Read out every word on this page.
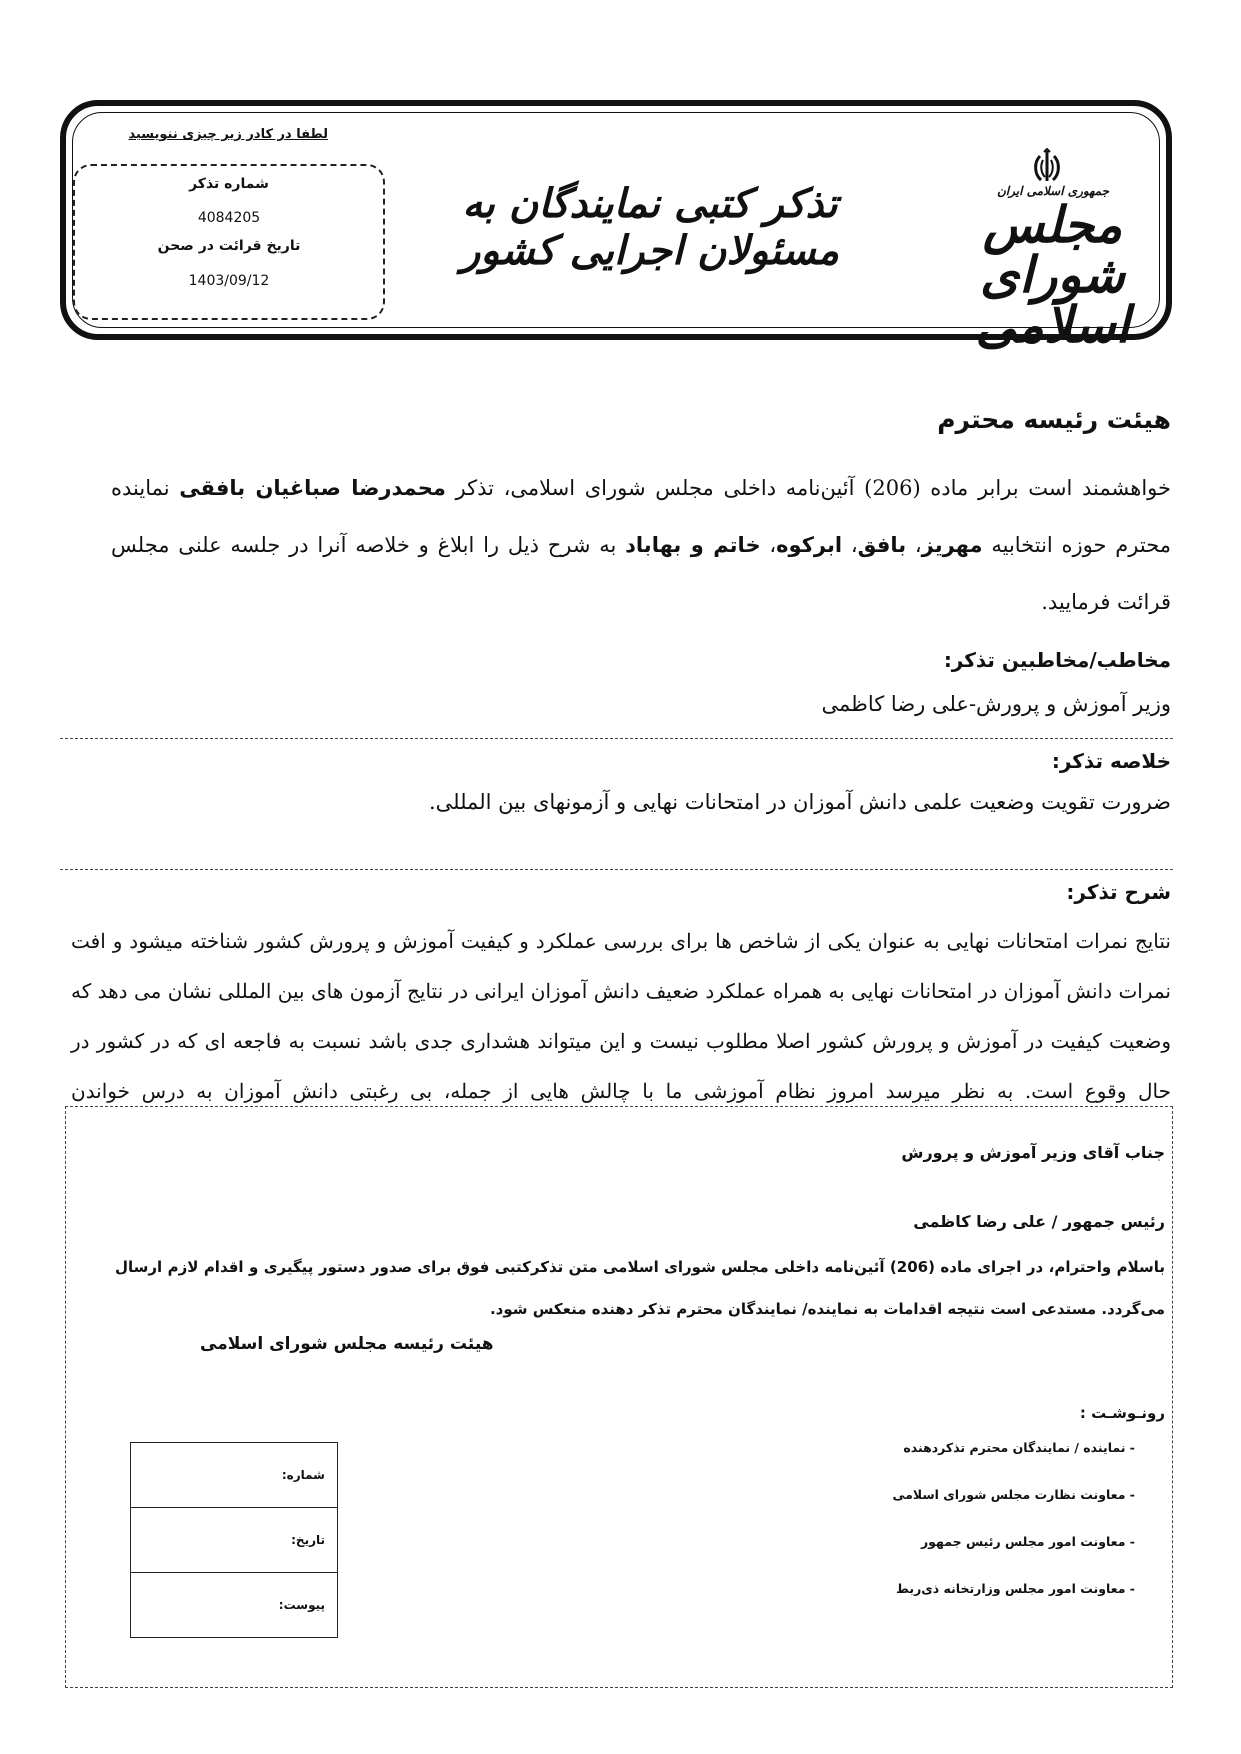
لطفا در کادر زیر چیزی ننویسید
شماره تذکر
4084205
تاریخ قرائت در صحن
1403/09/12
تذکر کتبی نمایندگان به مسئولان اجرایی کشور
جمهوری اسلامی ایران
مجلس شورای اسلامی
هیئت رئیسه محترم
خواهشمند است برابر ماده (206) آئین‌نامه داخلی مجلس شورای اسلامی، تذکر محمدرضا صباغیان بافقی نماینده محترم حوزه انتخابیه مهریز، بافق، ابرکوه، خاتم و بهاباد به شرح ذیل را ابلاغ و خلاصه آنرا در جلسه علنی مجلس قرائت فرمایید.
مخاطب/مخاطبین تذکر:
وزیر آموزش و پرورش-علی رضا کاظمی
خلاصه تذکر:
ضرورت تقویت وضعیت علمی دانش آموزان در امتحانات نهایی و آزمونهای بین المللی.
شرح تذکر:
نتایج نمرات امتحانات نهایی به عنوان یکی از شاخص ها برای بررسی عملکرد و کیفیت آموزش و پرورش کشور شناخته میشود و افت نمرات دانش آموزان در امتحانات نهایی به همراه عملکرد ضعیف دانش آموزان ایرانی در نتایج آزمون های بین المللی نشان می دهد که وضعیت کیفیت در آموزش و پرورش کشور اصلا مطلوب نیست و این میتواند هشداری جدی باشد نسبت به فاجعه ای که در کشور در حال وقوع است. به نظر میرسد امروز نظام آموزشی ما با چالش هایی از جمله، بی رغبتی دانش آموزان به درس خواندن
جناب آقای وزیر آموزش و پرورش
رئیس جمهور / علی رضا کاظمی
باسلام واحترام، در اجرای ماده (206) آئین‌نامه داخلی مجلس شورای اسلامی متن تذکرکتبی فوق برای صدور دستور پیگیری و اقدام لازم ارسال می‌گردد. مستدعی است نتیجه اقدامات به نماینده/ نمایندگان محترم تذکر دهنده منعکس شود.
هیئت رئیسه مجلس شورای اسلامی
رونـوشـت :
- نماینده / نمایندگان محترم تذکردهنده
- معاونت نظارت مجلس شورای اسلامی
- معاونت امور مجلس رئیس جمهور
- معاونت امور مجلس وزارتخانه ذی‌ربط
شماره:
تاریخ:
پیوست:
